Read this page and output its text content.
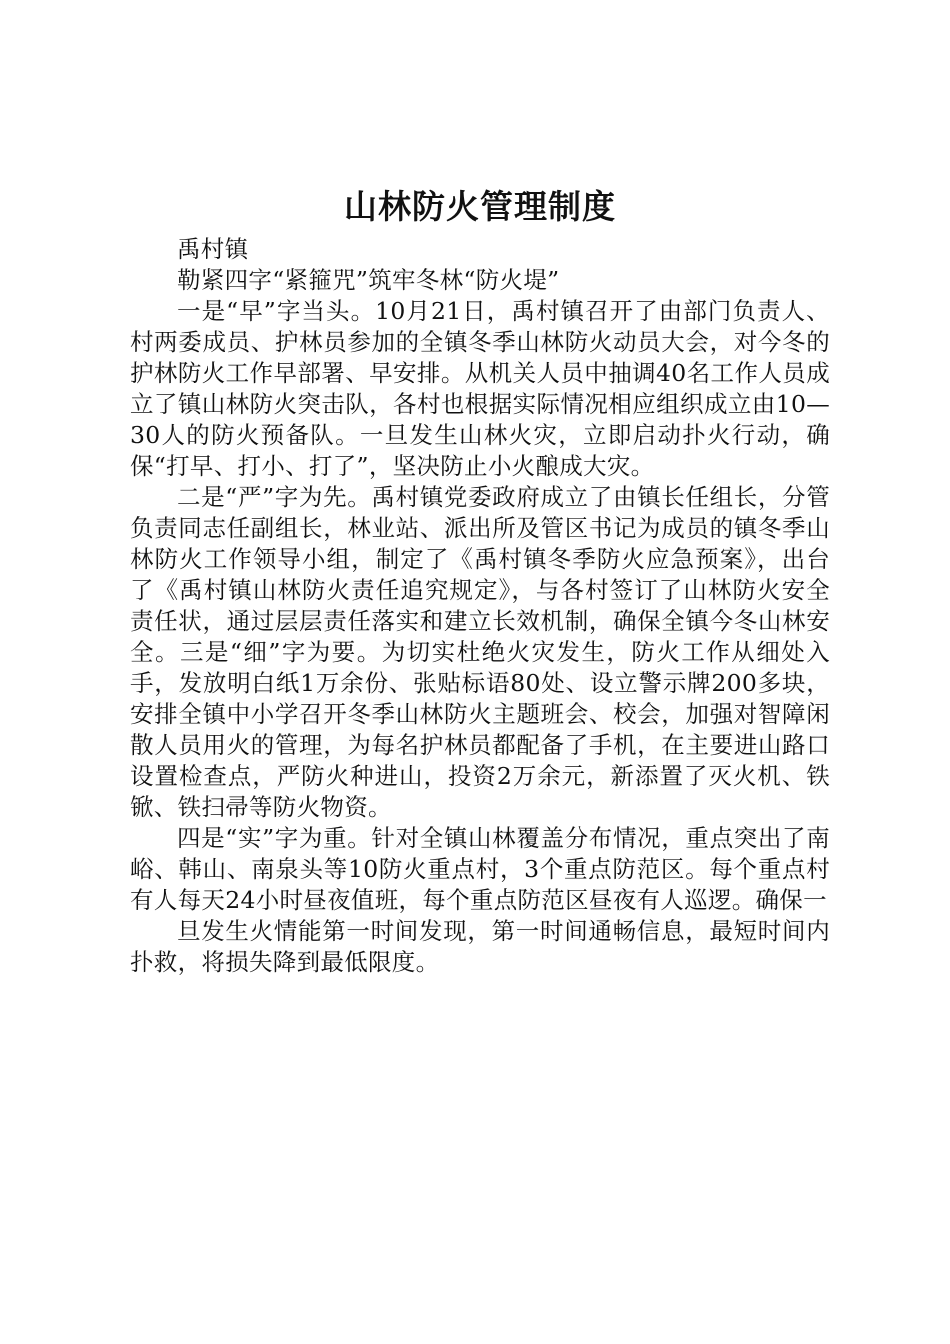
山林防火管理制度

禹村镇

勒紧四字“紧箍咒”筑牢冬林“防火堤”

一是“早”字当头。10月21日，禹村镇召开了由部门负责人、村两委成员、护林员参加的全镇冬季山林防火动员大会，对今冬的护林防火工作早部署、早安排。从机关人员中抽调40名工作人员成立了镇山林防火突击队，各村也根据实际情况相应组织成立由10—30人的防火预备队。一旦发生山林火灾，立即启动扑火行动，确保“打早、打小、打了”，坚决防止小火酿成大灾。

二是“严”字为先。禹村镇党委政府成立了由镇长任组长，分管负责同志任副组长，林业站、派出所及管区书记为成员的镇冬季山林防火工作领导小组，制定了《禹村镇冬季防火应急预案》，出台了《禹村镇山林防火责任追究规定》，与各村签订了山林防火安全责任状，通过层层责任落实和建立长效机制，确保全镇今冬山林安全。三是“细”字为要。为切实杜绝火灾发生，防火工作从细处入手，发放明白纸1万余份、张贴标语80处、设立警示牌200多块，安排全镇中小学召开冬季山林防火主题班会、校会，加强对智障闲散人员用火的管理，为每名护林员都配备了手机，在主要进山路口设置检查点，严防火种进山，投资2万余元，新添置了灭火机、铁锨、铁扫帚等防火物资。

四是“实”字为重。针对全镇山林覆盖分布情况，重点突出了南峪、韩山、南泉头等10防火重点村，3个重点防范区。每个重点村有人每天24小时昼夜值班，每个重点防范区昼夜有人巡逻。确保一

旦发生火情能第一时间发现，第一时间通畅信息，最短时间内扑救，将损失降到最低限度。
